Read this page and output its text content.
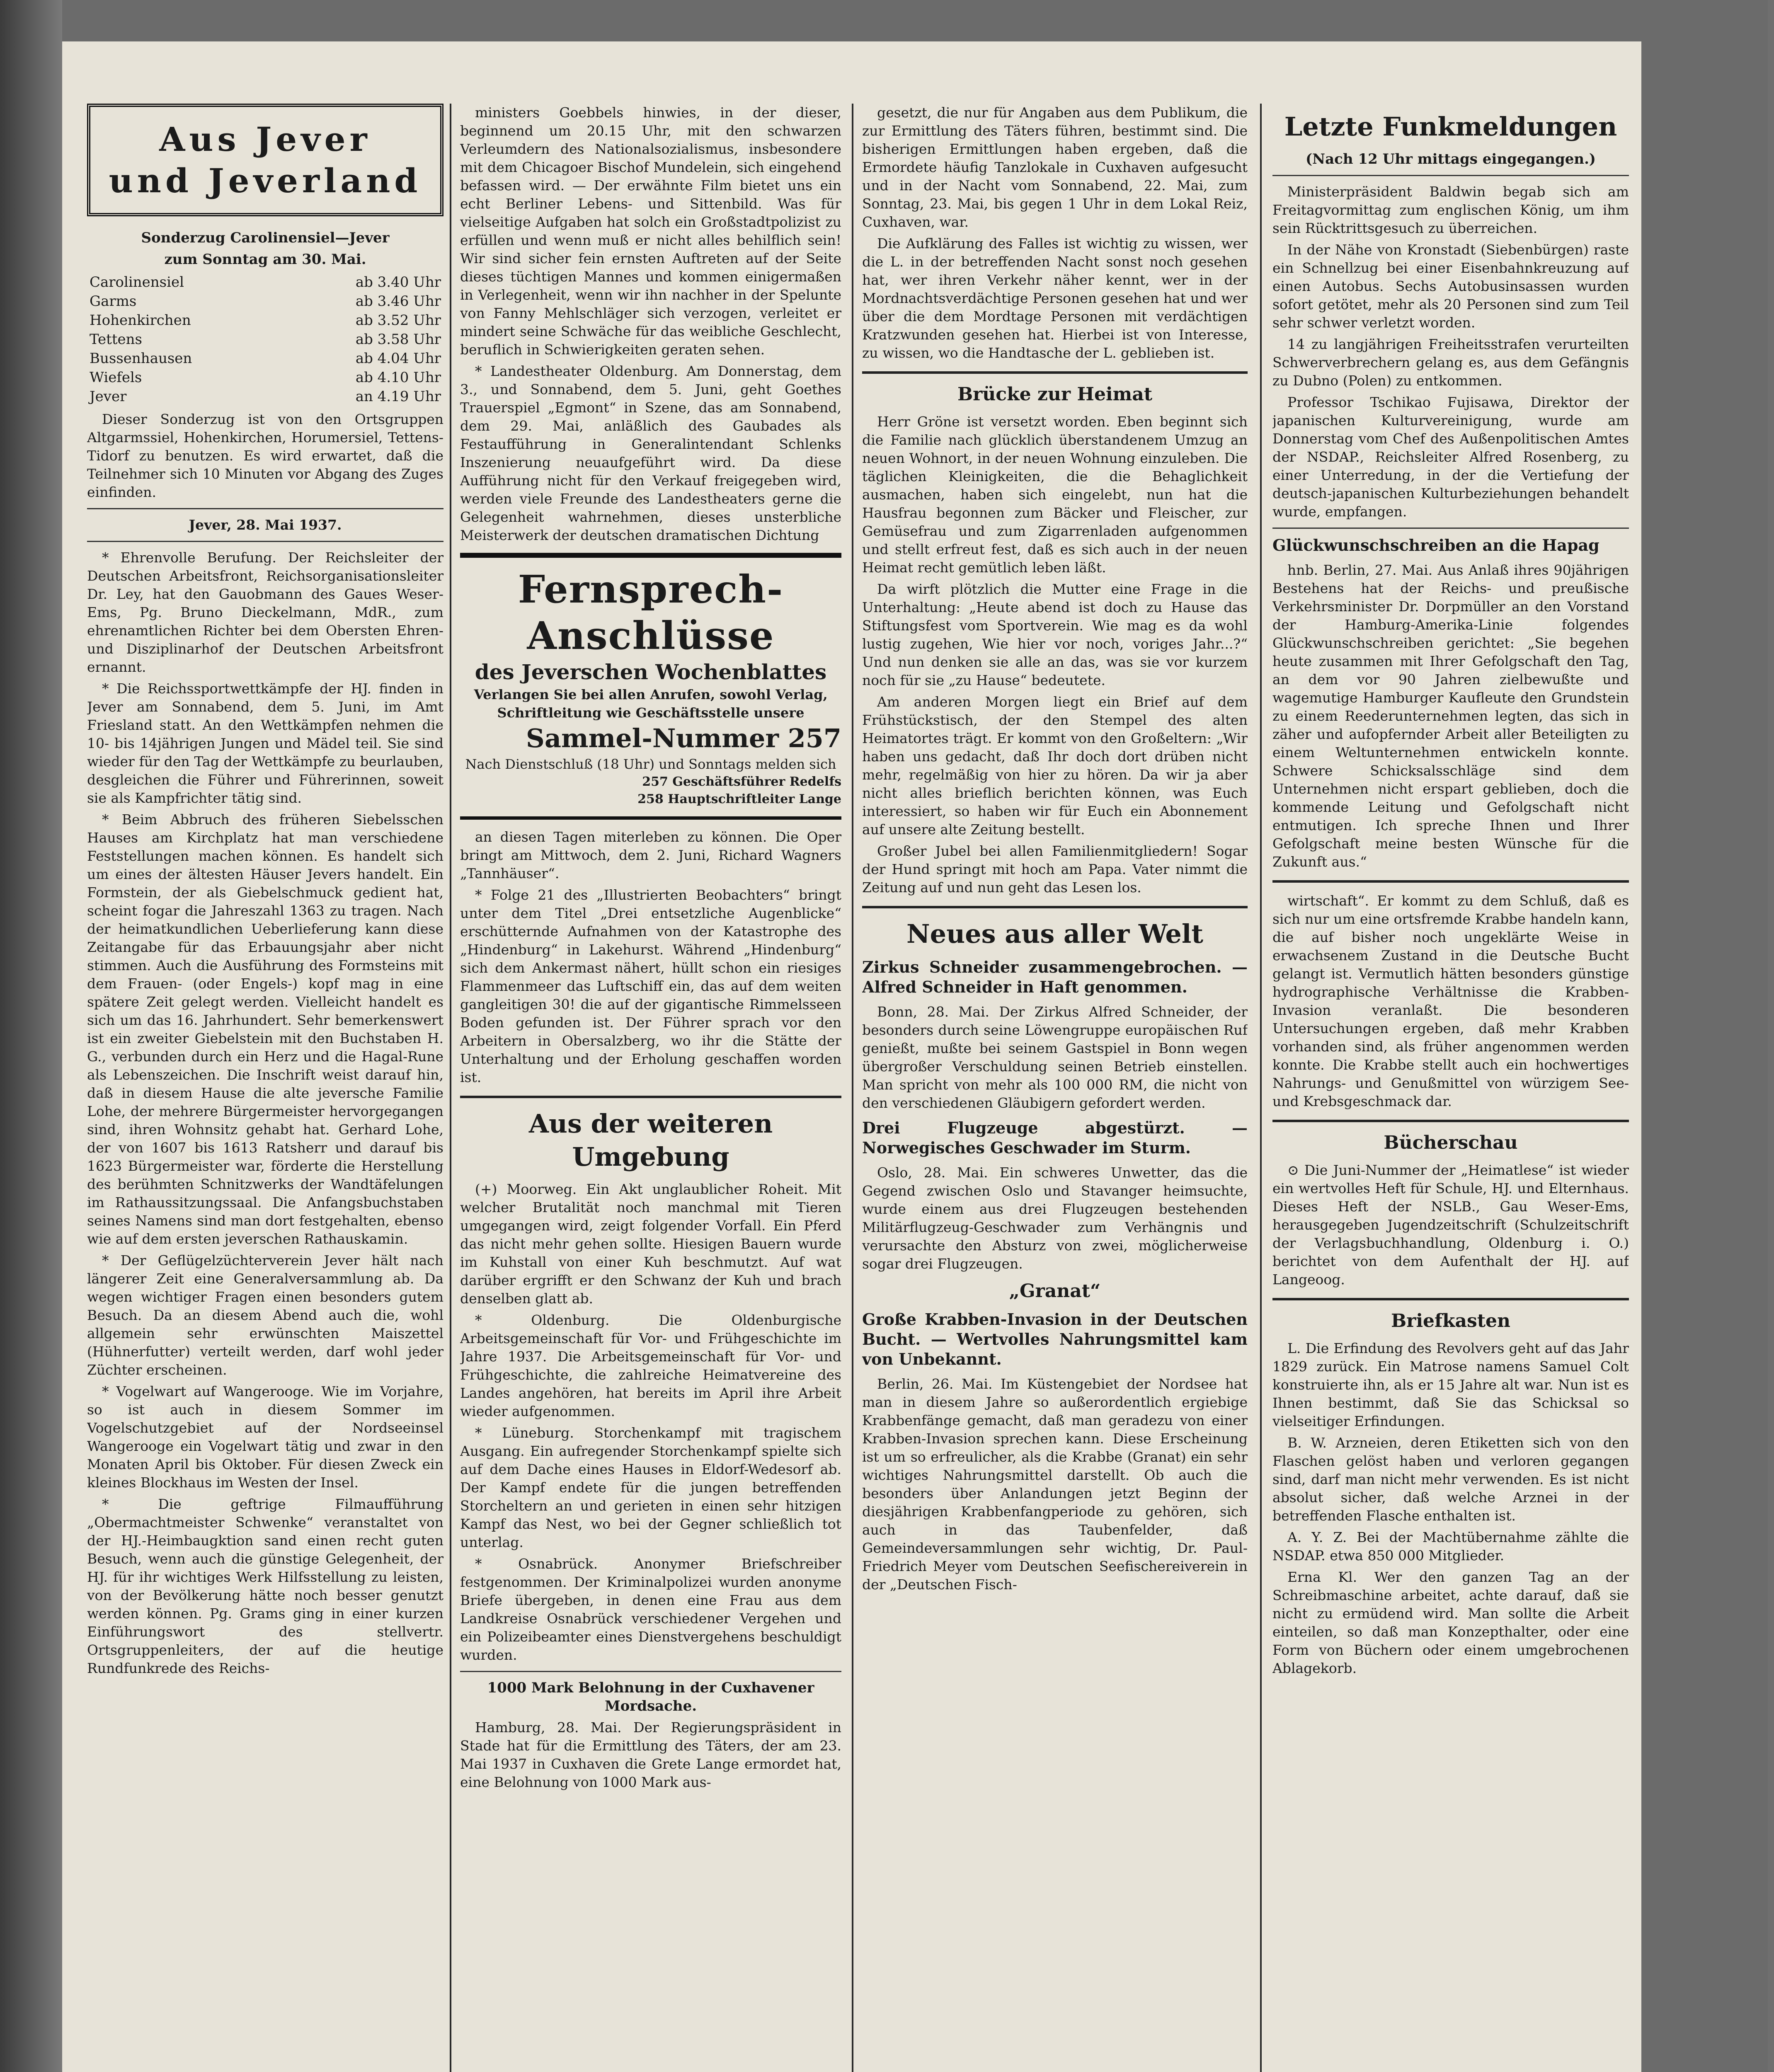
Aus Jever
und Jeverland
Sonderzug Carolinensiel—Jever
zum Sonntag am 30. Mai.
Carolinensiel	ab 3.40 Uhr
Garms	ab 3.46 Uhr
Hohenkirchen	ab 3.52 Uhr
Tettens	ab 3.58 Uhr
Bussenhausen	ab 4.04 Uhr
Wiefels	ab 4.10 Uhr
Jever	an 4.19 Uhr

Dieser Sonderzug ist von den Ortsgruppen Altgarmssiel, Hohenkirchen, Horumersiel, Tettens-Tidorf zu benutzen. Es wird erwartet, daß die Teilnehmer sich 10 Minuten vor Abgang des Zuges einfinden.

Jever, 28. Mai 1937.

* Ehrenvolle Berufung. Der Reichsleiter der Deutschen Arbeitsfront, Reichsorganisationsleiter Dr. Ley, hat den Gauobmann des Gaues Weser-Ems, Pg. Bruno Dieckelmann, MdR., zum ehrenamtlichen Richter bei dem Obersten Ehren- und Disziplinarhof der Deutschen Arbeitsfront ernannt.

* Die Reichssportwettkämpfe der HJ. finden in Jever am Sonnabend, dem 5. Juni, im Amt Friesland statt. An den Wettkämpfen nehmen die 10- bis 14jährigen Jungen und Mädel teil. Sie sind wieder für den Tag der Wettkämpfe zu beurlauben, desgleichen die Führer und Führerinnen, soweit sie als Kampfrichter tätig sind.

* Beim Abbruch des früheren Siebelsschen Hauses am Kirchplatz hat man verschiedene Feststellungen machen können. Es handelt sich um eines der ältesten Häuser Jevers handelt. Ein Formstein, der als Giebelschmuck gedient hat, scheint fogar die Jahreszahl 1363 zu tragen. Nach der heimatkundlichen Ueberlieferung kann diese Zeitangabe für das Erbauungsjahr aber nicht stimmen. Auch die Ausführung des Formsteins mit dem Frauen- (oder Engels-) kopf mag in eine spätere Zeit gelegt werden. Vielleicht handelt es sich um das 16. Jahrhundert. Sehr bemerkenswert ist ein zweiter Giebelstein mit den Buchstaben H. G., verbunden durch ein Herz und die Hagal-Rune als Lebenszeichen. Die Inschrift weist darauf hin, daß in diesem Hause die alte jeversche Familie Lohe, der mehrere Bürgermeister hervorgegangen sind, ihren Wohnsitz gehabt hat. Gerhard Lohe, der von 1607 bis 1613 Ratsherr und darauf bis 1623 Bürgermeister war, förderte die Herstellung des berühmten Schnitzwerks der Wandtäfelungen im Rathaussitzungssaal. Die Anfangsbuchstaben seines Namens sind man dort festgehalten, ebenso wie auf dem ersten jeverschen Rathauskamin.

* Der Geflügelzüchterverein Jever hält nach längerer Zeit eine Generalversammlung ab. Da wegen wichtiger Fragen einen besonders gutem Besuch. Da an diesem Abend auch die, wohl allgemein sehr erwünschten Maiszettel (Hühnerfutter) verteilt werden, darf wohl jeder Züchter erscheinen.

* Vogelwart auf Wangerooge. Wie im Vorjahre, so ist auch in diesem Sommer im Vogelschutzgebiet auf der Nordseeinsel Wangerooge ein Vogelwart tätig und zwar in den Monaten April bis Oktober. Für diesen Zweck ein kleines Blockhaus im Westen der Insel.

* Die geftrige Filmaufführung „Obermachtmeister Schwenke“ veranstaltet von der HJ.-Heimbaugktion sand einen recht guten Besuch, wenn auch die günstige Gelegenheit, der HJ. für ihr wichtiges Werk Hilfsstellung zu leisten, von der Bevölkerung hätte noch besser genutzt werden können. Pg. Grams ging in einer kurzen Einführungswort des stellvertr. Ortsgruppenleiters, der auf die heutige Rundfunkrede des Reichs-

ministers Goebbels hinwies, in der dieser, beginnend um 20.15 Uhr, mit den schwarzen Verleumdern des Nationalsozialismus, insbesondere mit dem Chicagoer Bischof Mundelein, sich eingehend befassen wird. — Der erwähnte Film bietet uns ein echt Berliner Lebens- und Sittenbild. Was für vielseitige Aufgaben hat solch ein Großstadtpolizist zu erfüllen und wenn muß er nicht alles behilflich sein! Wir sind sicher fein ernsten Auftreten auf der Seite dieses tüchtigen Mannes und kommen einigermaßen in Verlegenheit, wenn wir ihn nachher in der Spelunte von Fanny Mehlschläger sich verzogen, verleitet er mindert seine Schwäche für das weibliche Geschlecht, beruflich in Schwierigkeiten geraten sehen.

* Landestheater Oldenburg. Am Donnerstag, dem 3., und Sonnabend, dem 5. Juni, geht Goethes Trauerspiel „Egmont“ in Szene, das am Sonnabend, dem 29. Mai, anläßlich des Gaubades als Festaufführung in Generalintendant Schlenks Inszenierung neuaufgeführt wird. Da diese Aufführung nicht für den Verkauf freigegeben wird, werden viele Freunde des Landestheaters gerne die Gelegenheit wahrnehmen, dieses unsterbliche Meisterwerk der deutschen dramatischen Dichtung

Fernsprech-Anschlüsse
des Jeverschen Wochenblattes
Verlangen Sie bei allen Anrufen, sowohl Verlag, Schriftleitung wie Geschäftsstelle unsere
Sammel-Nummer 257
Nach Dienstschluß (18 Uhr) und Sonntags melden sich
257 Geschäftsführer Redelfs
258 Hauptschriftleiter Lange

an diesen Tagen miterleben zu können. Die Oper bringt am Mittwoch, dem 2. Juni, Richard Wagners „Tannhäuser“.

* Folge 21 des „Illustrierten Beobachters“ bringt unter dem Titel „Drei entsetzliche Augenblicke“ erschütternde Aufnahmen von der Katastrophe des „Hindenburg“ in Lakehurst. Während „Hindenburg“ sich dem Ankermast nähert, hüllt schon ein riesiges Flammenmeer das Luftschiff ein, das auf dem weiten gangleitigen 30! die auf der gigantische Rimmelsseen Boden gefunden ist. Der Führer sprach vor den Arbeitern in Obersalzberg, wo ihr die Stätte der Unterhaltung und der Erholung geschaffen worden ist.

Aus der weiteren Umgebung

(+) Moorweg. Ein Akt unglaublicher Roheit. Mit welcher Brutalität noch manchmal mit Tieren umgegangen wird, zeigt folgender Vorfall. Ein Pferd das nicht mehr gehen sollte. Hiesigen Bauern wurde im Kuhstall von einer Kuh beschmutzt. Auf wat darüber ergrifft er den Schwanz der Kuh und brach denselben glatt ab.

* Oldenburg. Die Oldenburgische Arbeitsgemeinschaft für Vor- und Frühgeschichte im Jahre 1937. Die Arbeitsgemeinschaft für Vor- und Frühgeschichte, die zahlreiche Heimatvereine des Landes angehören, hat bereits im April ihre Arbeit wieder aufgenommen.

* Lüneburg. Storchenkampf mit tragischem Ausgang. Ein aufregender Storchenkampf spielte sich auf dem Dache eines Hauses in Eldorf-Wedesorf ab. Der Kampf endete für die jungen betreffenden Storcheltern an und gerieten in einen sehr hitzigen Kampf das Nest, wo bei der Gegner schließlich tot unterlag.

* Osnabrück. Anonymer Briefschreiber festgenommen. Der Kriminalpolizei wurden anonyme Briefe übergeben, in denen eine Frau aus dem Landkreise Osnabrück verschiedener Vergehen und ein Polizeibeamter eines Dienstvergehens beschuldigt wurden.

1000 Mark Belohnung in der Cuxhavener Mordsache.

Hamburg, 28. Mai. Der Regierungspräsident in Stade hat für die Ermittlung des Täters, der am 23. Mai 1937 in Cuxhaven die Grete Lange ermordet hat, eine Belohnung von 1000 Mark aus-

gesetzt, die nur für Angaben aus dem Publikum, die zur Ermittlung des Täters führen, bestimmt sind. Die bisherigen Ermittlungen haben ergeben, daß die Ermordete häufig Tanzlokale in Cuxhaven aufgesucht und in der Nacht vom Sonnabend, 22. Mai, zum Sonntag, 23. Mai, bis gegen 1 Uhr in dem Lokal Reiz, Cuxhaven, war.

Die Aufklärung des Falles ist wichtig zu wissen, wer die L. in der betreffenden Nacht sonst noch gesehen hat, wer ihren Verkehr näher kennt, wer in der Mordnachtsverdächtige Personen gesehen hat und wer über die dem Mordtage Personen mit verdächtigen Kratzwunden gesehen hat. Hierbei ist von Interesse, zu wissen, wo die Handtasche der L. geblieben ist.

Brücke zur Heimat

Herr Gröne ist versetzt worden. Eben beginnt sich die Familie nach glücklich überstandenem Umzug an neuen Wohnort, in der neuen Wohnung einzuleben. Die täglichen Kleinigkeiten, die die Behaglichkeit ausmachen, haben sich eingelebt, nun hat die Hausfrau begonnen zum Bäcker und Fleischer, zur Gemüsefrau und zum Zigarrenladen aufgenommen und stellt erfreut fest, daß es sich auch in der neuen Heimat recht gemütlich leben läßt.

Da wirft plötzlich die Mutter eine Frage in die Unterhaltung: „Heute abend ist doch zu Hause das Stiftungsfest vom Sportverein. Wie mag es da wohl lustig zugehen, Wie hier vor noch, voriges Jahr...?“ Und nun denken sie alle an das, was sie vor kurzem noch für sie „zu Hause“ bedeutete.

Am anderen Morgen liegt ein Brief auf dem Frühstückstisch, der den Stempel des alten Heimatortes trägt. Er kommt von den Großeltern: „Wir haben uns gedacht, daß Ihr doch dort drüben nicht mehr, regelmäßig von hier zu hören. Da wir ja aber nicht alles brieflich berichten können, was Euch interessiert, so haben wir für Euch ein Abonnement auf unsere alte Zeitung bestellt.

Großer Jubel bei allen Familienmitgliedern! Sogar der Hund springt mit hoch am Papa. Vater nimmt die Zeitung auf und nun geht das Lesen los.

Neues aus aller Welt
Zirkus Schneider zusammengebrochen. — Alfred Schneider in Haft genommen.

Bonn, 28. Mai. Der Zirkus Alfred Schneider, der besonders durch seine Löwengruppe europäischen Ruf genießt, mußte bei seinem Gastspiel in Bonn wegen übergroßer Verschuldung seinen Betrieb einstellen. Man spricht von mehr als 100 000 RM, die nicht von den verschiedenen Gläubigern gefordert werden.

Drei Flugzeuge abgestürzt. — Norwegisches Geschwader im Sturm.

Oslo, 28. Mai. Ein schweres Unwetter, das die Gegend zwischen Oslo und Stavanger heimsuchte, wurde einem aus drei Flugzeugen bestehenden Militärflugzeug-Geschwader zum Verhängnis und verursachte den Absturz von zwei, möglicherweise sogar drei Flugzeugen.

„Granat“
Große Krabben-Invasion in der Deutschen Bucht. — Wertvolles Nahrungsmittel kam von Unbekannt.

Berlin, 26. Mai. Im Küstengebiet der Nordsee hat man in diesem Jahre so außerordentlich ergiebige Krabbenfänge gemacht, daß man geradezu von einer Krabben-Invasion sprechen kann. Diese Erscheinung ist um so erfreulicher, als die Krabbe (Granat) ein sehr wichtiges Nahrungsmittel darstellt. Ob auch die besonders über Anlandungen jetzt Beginn der diesjährigen Krabbenfangperiode zu gehören, sich auch in das Taubenfelder, daß Gemeindeversammlungen sehr wichtig, Dr. Paul-Friedrich Meyer vom Deutschen Seefischereiverein in der „Deutschen Fisch-

Letzte Funkmeldungen
(Nach 12 Uhr mittags eingegangen.)

Ministerpräsident Baldwin begab sich am Freitagvormittag zum englischen König, um ihm sein Rücktrittsgesuch zu überreichen.

In der Nähe von Kronstadt (Siebenbürgen) raste ein Schnellzug bei einer Eisenbahnkreuzung auf einen Autobus. Sechs Autobusinsassen wurden sofort getötet, mehr als 20 Personen sind zum Teil sehr schwer verletzt worden.

14 zu langjährigen Freiheitsstrafen verurteilten Schwerverbrechern gelang es, aus dem Gefängnis zu Dubno (Polen) zu entkommen.

Professor Tschikao Fujisawa, Direktor der japanischen Kulturvereinigung, wurde am Donnerstag vom Chef des Außenpolitischen Amtes der NSDAP., Reichsleiter Alfred Rosenberg, zu einer Unterredung, in der die Vertiefung der deutsch-japanischen Kulturbeziehungen behandelt wurde, empfangen.

Glückwunschschreiben an die Hapag

hnb. Berlin, 27. Mai. Aus Anlaß ihres 90jährigen Bestehens hat der Reichs- und preußische Verkehrsminister Dr. Dorpmüller an den Vorstand der Hamburg-Amerika-Linie folgendes Glückwunschschreiben gerichtet: „Sie begehen heute zusammen mit Ihrer Gefolgschaft den Tag, an dem vor 90 Jahren zielbewußte und wagemutige Hamburger Kaufleute den Grundstein zu einem Reederunternehmen legten, das sich in zäher und aufopfernder Arbeit aller Beteiligten zu einem Weltunternehmen entwickeln konnte. Schwere Schicksalsschläge sind dem Unternehmen nicht erspart geblieben, doch die kommende Leitung und Gefolgschaft nicht entmutigen. Ich spreche Ihnen und Ihrer Gefolgschaft meine besten Wünsche für die Zukunft aus.“

wirtschaft“. Er kommt zu dem Schluß, daß es sich nur um eine ortsfremde Krabbe handeln kann, die auf bisher noch ungeklärte Weise in erwachsenem Zustand in die Deutsche Bucht gelangt ist. Vermutlich hätten besonders günstige hydrographische Verhältnisse die Krabben-Invasion veranlaßt. Die besonderen Untersuchungen ergeben, daß mehr Krabben vorhanden sind, als früher angenommen werden konnte. Die Krabbe stellt auch ein hochwertiges Nahrungs- und Genußmittel von würzigem See- und Krebsgeschmack dar.

Bücherschau

⊙ Die Juni-Nummer der „Heimatlese“ ist wieder ein wertvolles Heft für Schule, HJ. und Elternhaus. Dieses Heft der NSLB., Gau Weser-Ems, herausgegeben Jugendzeitschrift (Schulzeitschrift der Verlagsbuchhandlung, Oldenburg i. O.) berichtet von dem Aufenthalt der HJ. auf Langeoog.

Briefkasten

L. Die Erfindung des Revolvers geht auf das Jahr 1829 zurück. Ein Matrose namens Samuel Colt konstruierte ihn, als er 15 Jahre alt war. Nun ist es Ihnen bestimmt, daß Sie das Schicksal so vielseitiger Erfindungen.

B. W. Arzneien, deren Etiketten sich von den Flaschen gelöst haben und verloren gegangen sind, darf man nicht mehr verwenden. Es ist nicht absolut sicher, daß welche Arznei in der betreffenden Flasche enthalten ist.

A. Y. Z. Bei der Machtübernahme zählte die NSDAP. etwa 850 000 Mitglieder.

Erna Kl. Wer den ganzen Tag an der Schreibmaschine arbeitet, achte darauf, daß sie nicht zu ermüdend wird. Man sollte die Arbeit einteilen, so daß man Konzepthalter, oder eine Form von Büchern oder einem umgebrochenen Ablagekorb.
